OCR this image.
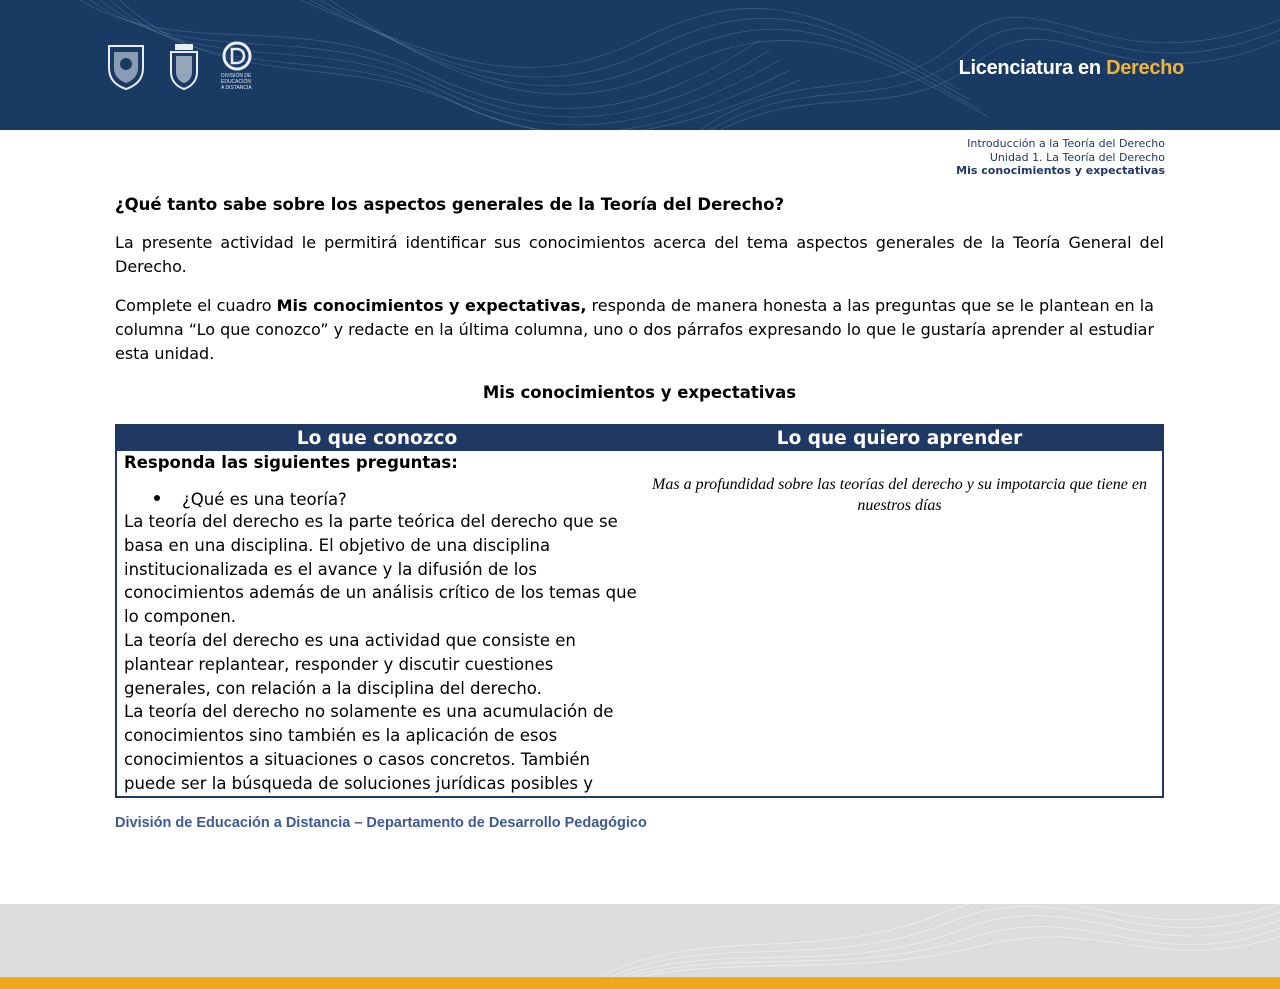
DIVISIÓN DE EDUCACIÓN A DISTANCIA
Licenciatura en Derecho
Introducción a la Teoría del Derecho
Unidad 1. La Teoría del Derecho
Mis conocimientos y expectativas
¿Qué tanto sabe sobre los aspectos generales de la Teoría del Derecho?

La presente actividad le permitirá identificar sus conocimientos acerca del tema aspectos generales de la Teoría General del Derecho.

Complete el cuadro Mis conocimientos y expectativas, responda de manera honesta a las preguntas que se le plantean en la columna “Lo que conozco” y redacte en la última columna, uno o dos párrafos expresando lo que le gustaría aprender al estudiar esta unidad.

Mis conocimientos y expectativas
Lo que conozco	Lo que quiero aprender
Responda las siguientes preguntas:
¿Qué es una teoría?

La teoría del derecho es la parte teórica del derecho que se basa en una disciplina. El objetivo de una disciplina institucionalizada es el avance y la difusión de los conocimientos además de un análisis crítico de los temas que lo componen.

La teoría del derecho es una actividad que consiste en plantear replantear, responder y discutir cuestiones generales, con relación a la disciplina del derecho.

La teoría del derecho no solamente es una acumulación de conocimientos sino también es la aplicación de esos conocimientos a situaciones o casos concretos. También puede ser la búsqueda de soluciones jurídicas posibles y

Mas a profundidad sobre las teorías del derecho y su impotarcia que tiene en nuestros días
División de Educación a Distancia – Departamento de Desarrollo Pedagógico
